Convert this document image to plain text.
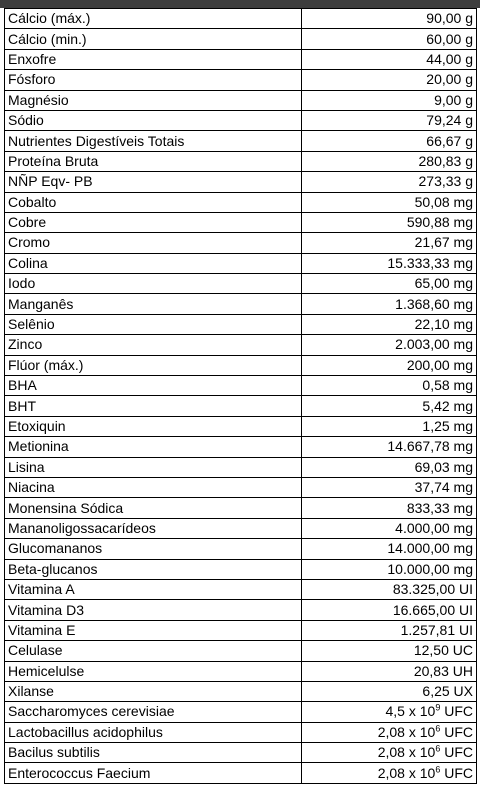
Cálcio (máx.)	90,00 g
Cálcio (min.)	60,00 g
Enxofre	44,00 g
Fósforo	20,00 g
Magnésio	9,00 g
Sódio	79,24 g
Nutrientes Digestíveis Totais	66,67 g
Proteína Bruta	280,83 g
NÑP Eqv- PB	273,33 g
Cobalto	50,08 mg
Cobre	590,88 mg
Cromo	21,67 mg
Colina	15.333,33 mg
Iodo	65,00 mg
Manganês	1.368,60 mg
Selênio	22,10 mg
Zinco	2.003,00 mg
Flúor (máx.)	200,00 mg
BHA	0,58 mg
BHT	5,42 mg
Etoxiquin	1,25 mg
Metionina	14.667,78 mg
Lisina	69,03 mg
Niacina	37,74 mg
Monensina Sódica	833,33 mg
Mananoligossacarídeos	4.000,00 mg
Glucomananos	14.000,00 mg
Beta-glucanos	10.000,00 mg
Vitamina A	83.325,00 UI
Vitamina D3	16.665,00 UI
Vitamina E	1.257,81 UI
Celulase	12,50 UC
Hemicelulse	20,83 UH
Xilanse	6,25 UX
Saccharomyces cerevisiae	4,5 x $10^9$ UFC
Lactobacillus acidophilus	2,08 x $10^6$ UFC
Bacilus subtilis	2,08 x $10^6$ UFC
Enterococcus Faecium	2,08 x $10^6$ UFC
